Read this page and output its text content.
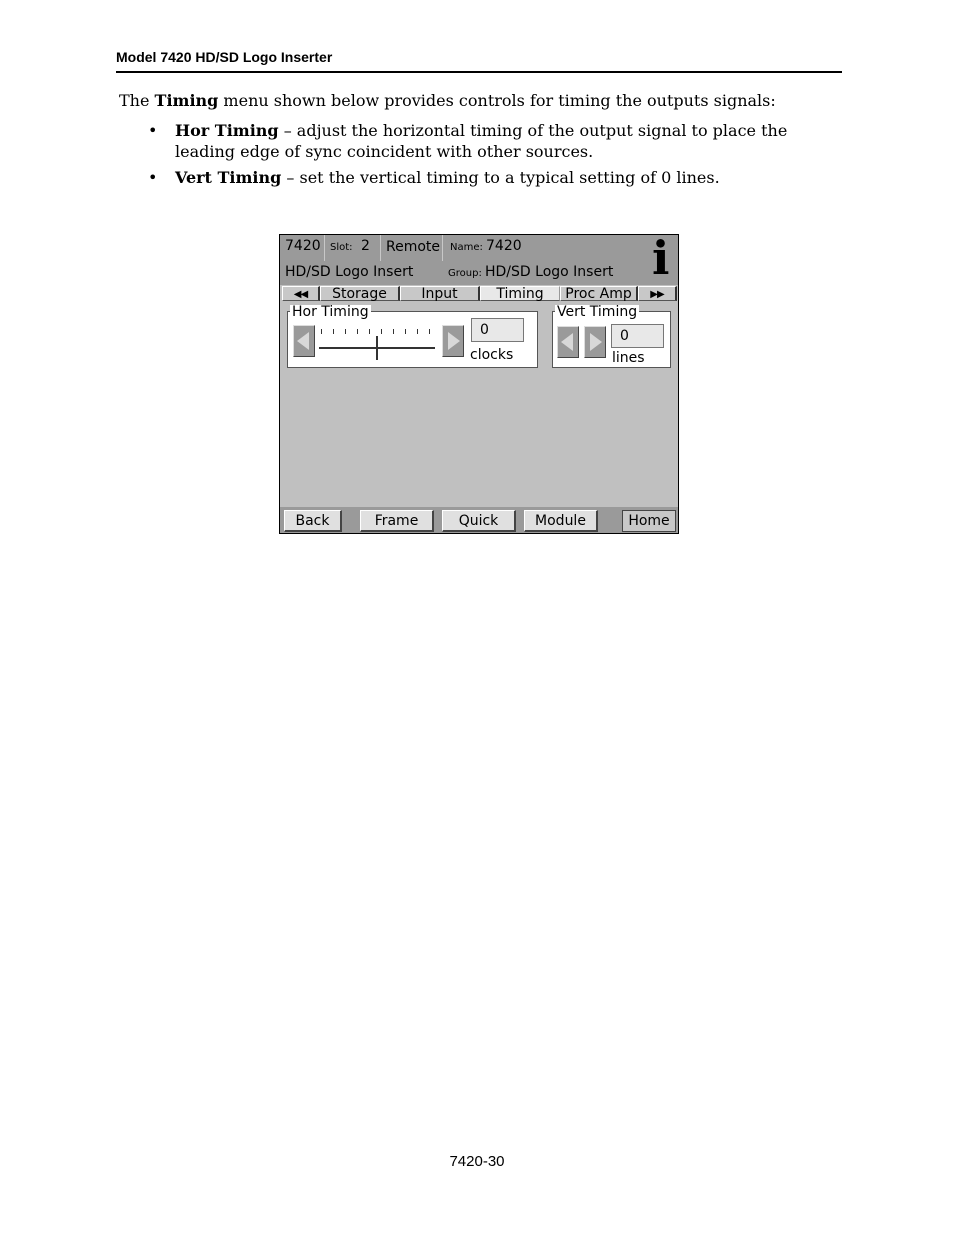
Model 7420 HD/SD Logo Inserter
The Timing menu shown below provides controls for timing the outputs signals:
• Hor Timing – adjust the horizontal timing of the output signal to place the leading edge of sync coincident with other sources.
• Vert Timing – set the vertical timing to a typical setting of 0 lines.
7420 Slot: 2 Remote Name: 7420
HD/SD Logo Insert	Group: HD/SD Logo Insert i
◀◀	Storage	Input	Timing	Proc Amp	▶▶
Hor Timing
0
clocks
Vert Timing
0
lines
Back	Frame	Quick	Module	Home
7420-30
